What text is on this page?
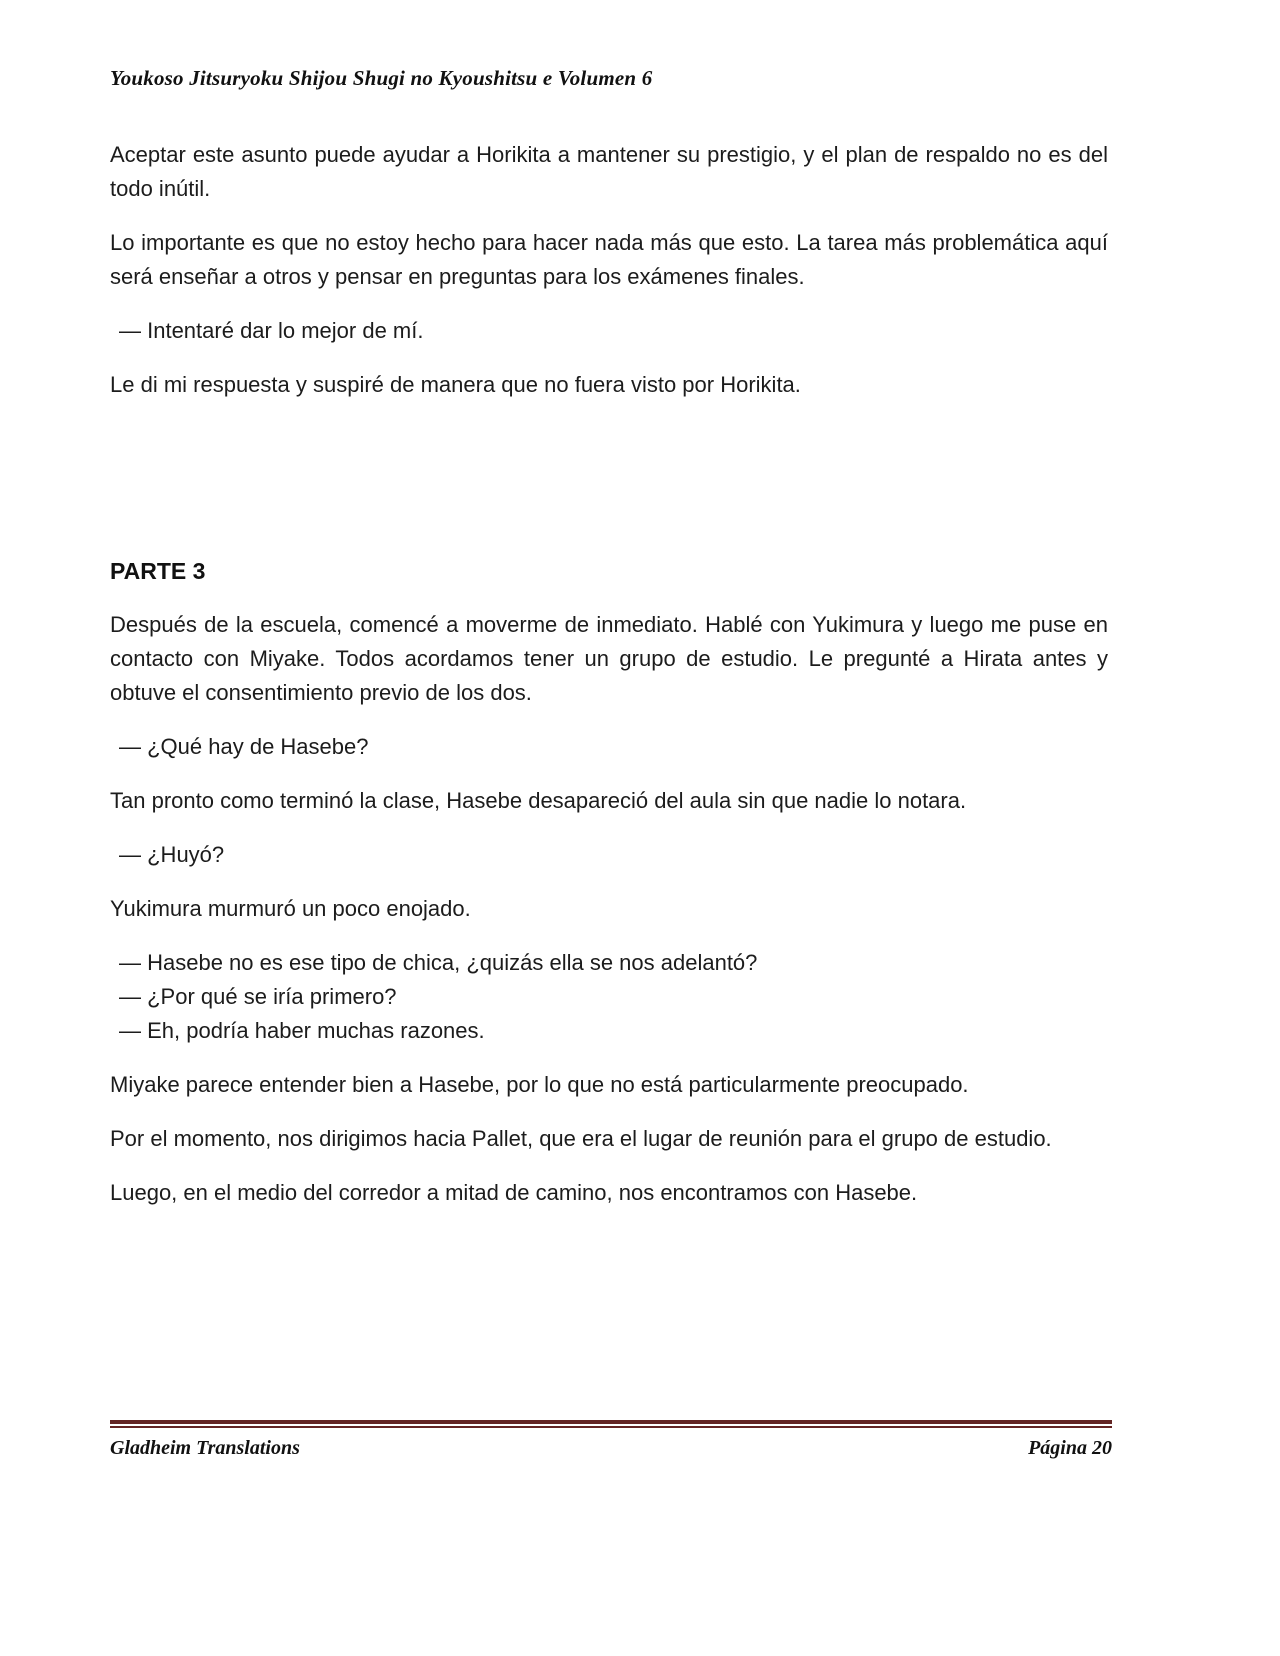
Youkoso Jitsuryoku Shijou Shugi no Kyoushitsu e Volumen 6

Aceptar este asunto puede ayudar a Horikita a mantener su prestigio, y el plan de respaldo no es del todo inútil.

Lo importante es que no estoy hecho para hacer nada más que esto. La tarea más problemática aquí será enseñar a otros y pensar en preguntas para los exámenes finales.

— Intentaré dar lo mejor de mí.

Le di mi respuesta y suspiré de manera que no fuera visto por Horikita.

PARTE 3

Después de la escuela, comencé a moverme de inmediato. Hablé con Yukimura y luego me puse en contacto con Miyake. Todos acordamos tener un grupo de estudio. Le pregunté a Hirata antes y obtuve el consentimiento previo de los dos.

— ¿Qué hay de Hasebe?

Tan pronto como terminó la clase, Hasebe desapareció del aula sin que nadie lo notara.

— ¿Huyó?

Yukimura murmuró un poco enojado.

— Hasebe no es ese tipo de chica, ¿quizás ella se nos adelantó?

— ¿Por qué se iría primero?

— Eh, podría haber muchas razones.

Miyake parece entender bien a Hasebe, por lo que no está particularmente preocupado.

Por el momento, nos dirigimos hacia Pallet, que era el lugar de reunión para el grupo de estudio.

Luego, en el medio del corredor a mitad de camino, nos encontramos con Hasebe.

Gladheim Translations	Página 20
